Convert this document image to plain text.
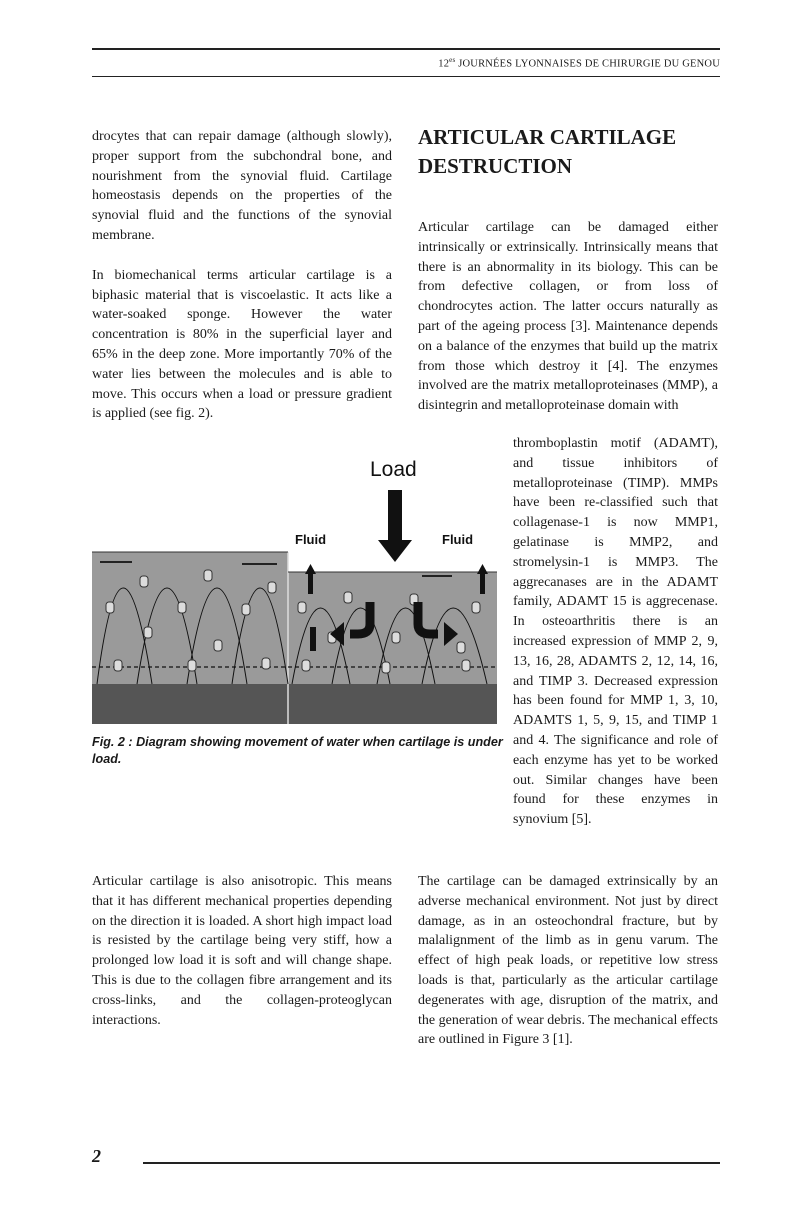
$12^{es}$ JOURNÉES LYONNAISES DE CHIRURGIE DU GENOU

drocytes that can repair damage (although slowly), proper support from the subchondral bone, and nourishment from the synovial fluid. Cartilage homeostasis depends on the properties of the synovial fluid and the functions of the synovial membrane.

In biomechanical terms articular cartilage is a biphasic material that is viscoelastic. It acts like a water-soaked sponge. However the water concentration is 80% in the superficial layer and 65% in the deep zone. More importantly 70% of the water lies between the molecules and is able to move. This occurs when a load or pressure gradient is applied (see fig. 2).

Load
Fluid	Fluid
Fig. 2 : Diagram showing movement of water when cartilage is under load.
Articular cartilage is also anisotropic. This means that it has different mechanical properties depending on the direction it is loaded. A short high impact load is resisted by the cartilage being very stiff, how a prolonged low load it is soft and will change shape. This is due to the collagen fibre arrangement and its cross-links, and the collagen-proteoglycan interactions.
ARTICULAR CARTILAGE DESTRUCTION
Articular cartilage can be damaged either intrinsically or extrinsically. Intrinsically means that there is an abnormality in its biology. This can be from defective collagen, or from loss of chondrocytes action. The latter occurs naturally as part of the ageing process [3]. Maintenance depends on a balance of the enzymes that build up the matrix from those which destroy it [4]. The enzymes involved are the matrix metalloproteinases (MMP), a disintegrin and metalloproteinase domain with
thromboplastin motif (ADAMT), and tissue inhibitors of metalloproteinase (TIMP). MMPs have been re-classified such that collagenase-1 is now MMP1, gelatinase is MMP2, and stromelysin-1 is MMP3. The aggrecanases are in the ADAMT family, ADAMT 15 is aggrecenase. In osteoarthritis there is an increased expression of MMP 2, 9, 13, 16, 28, ADAMTS 2, 12, 14, 16, and TIMP 3. Decreased expression has been found for MMP 1, 3, 10, ADAMTS 1, 5, 9, 15, and TIMP 1 and 4. The significance and role of each enzyme has yet to be worked out. Similar changes have been found for these enzymes in synovium [5].
The cartilage can be damaged extrinsically by an adverse mechanical environment. Not just by direct damage, as in an osteochondral fracture, but by malalignment of the limb as in genu varum. The effect of high peak loads, or repetitive low stress loads is that, particularly as the articular cartilage degenerates with age, disruption of the matrix, and the generation of wear debris. The mechanical effects are outlined in Figure 3 [1].
2
